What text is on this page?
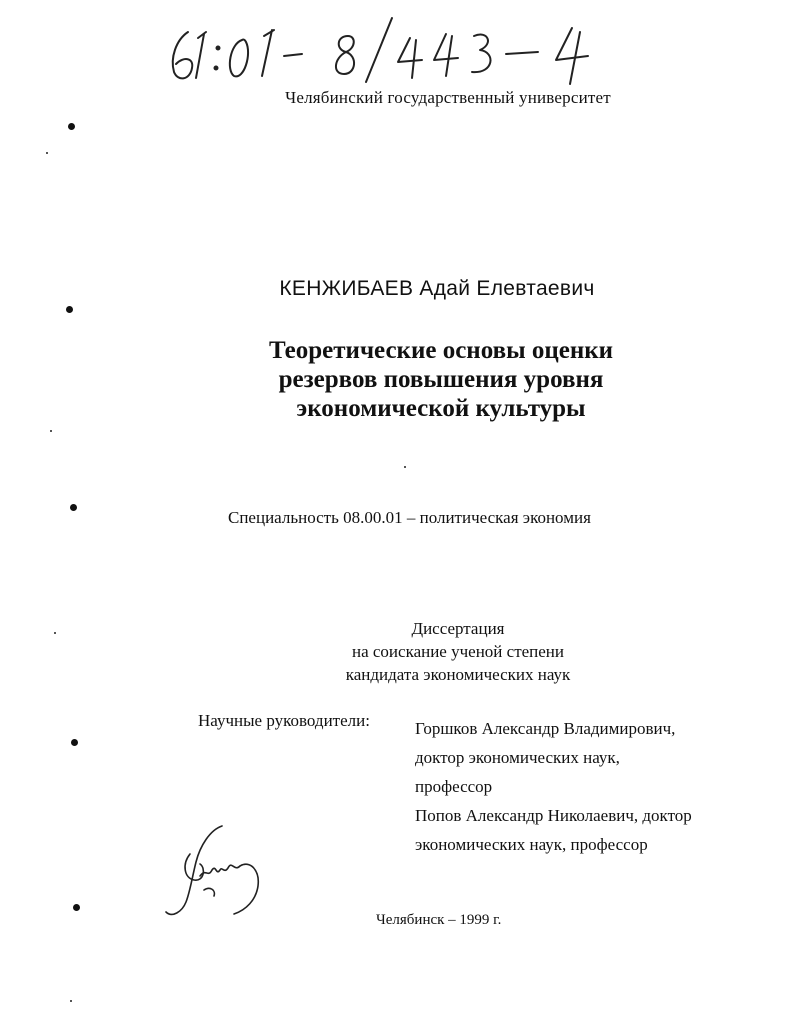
Челябинский государственный университет
КЕНЖИБАЕВ Адай Елевтаевич
Теоретические основы оценки
резервов повышения уровня
экономической культуры
Специальность 08.00.01 – политическая экономия
Диссертация
на соискание ученой степени
кандидата экономических наук
Научные руководители:	Горшков Александр Владимирович,
доктор экономических наук,
профессор
Попов Александр Николаевич, доктор
экономических наук, профессор
Челябинск – 1999 г.
